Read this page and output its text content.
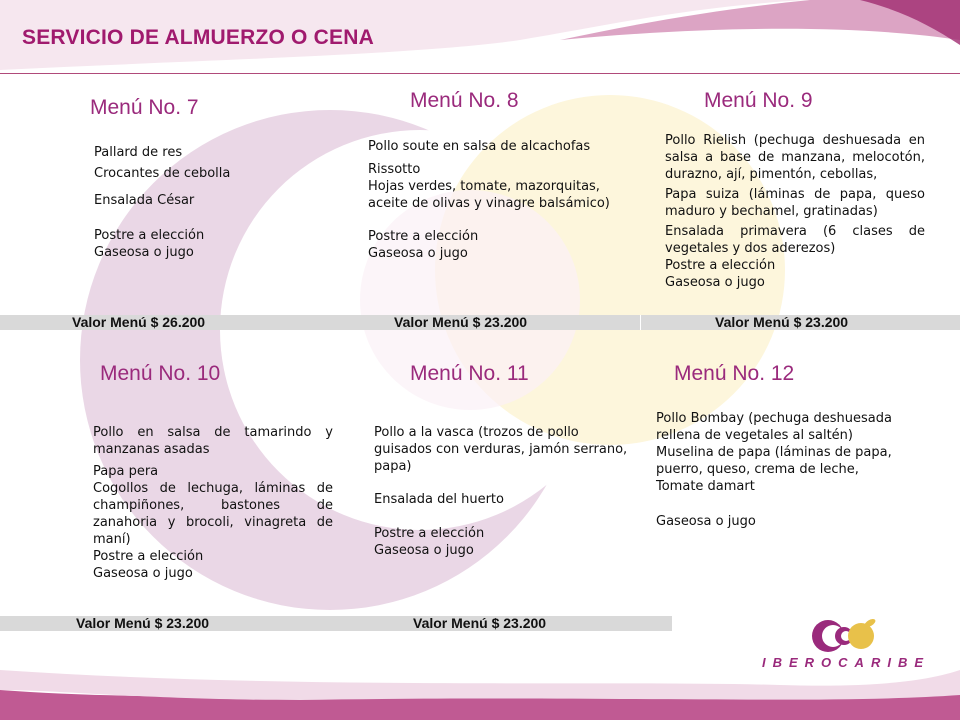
SERVICIO DE ALMUERZO O CENA
Menú No. 7	Menú No. 8	Menú No. 9

Pallard de res

Crocantes de cebolla

Ensalada César

Postre a elección

Gaseosa o jugo

Pollo soute en salsa de alcachofas

Rissotto

Hojas verdes, tomate, mazorquitas, aceite de olivas y vinagre balsámico)

Postre a elección

Gaseosa o jugo

Pollo Rielish (pechuga deshuesada en salsa a base de manzana, melocotón, durazno, ají, pimentón, cebollas,

Papa suiza (láminas de papa, queso maduro y bechamel, gratinadas)

Ensalada primavera (6 clases de vegetales y dos aderezos)

Postre a elección

Gaseosa o jugo

Valor Menú $ 26.200	Valor Menú $ 23.200	Valor Menú $ 23.200
Menú No. 10	Menú No. 11	Menú No. 12

Pollo en salsa de tamarindo y manzanas asadas

Papa pera

Cogollos de lechuga, láminas de champiñones, bastones de zanahoria y brocoli, vinagreta de maní)

Postre a elección

Gaseosa o jugo

Pollo a la vasca (trozos de pollo guisados con verduras, jamón serrano, papa)

Ensalada del huerto

Postre a elección

Gaseosa o jugo

Pollo Bombay (pechuga deshuesada rellena de vegetales al saltén)

Muselina de papa (láminas de papa, puerro, queso, crema de leche,

Tomate damart

Gaseosa o jugo

Valor Menú $ 23.200	Valor Menú $ 23.200
IBEROCARIBE
